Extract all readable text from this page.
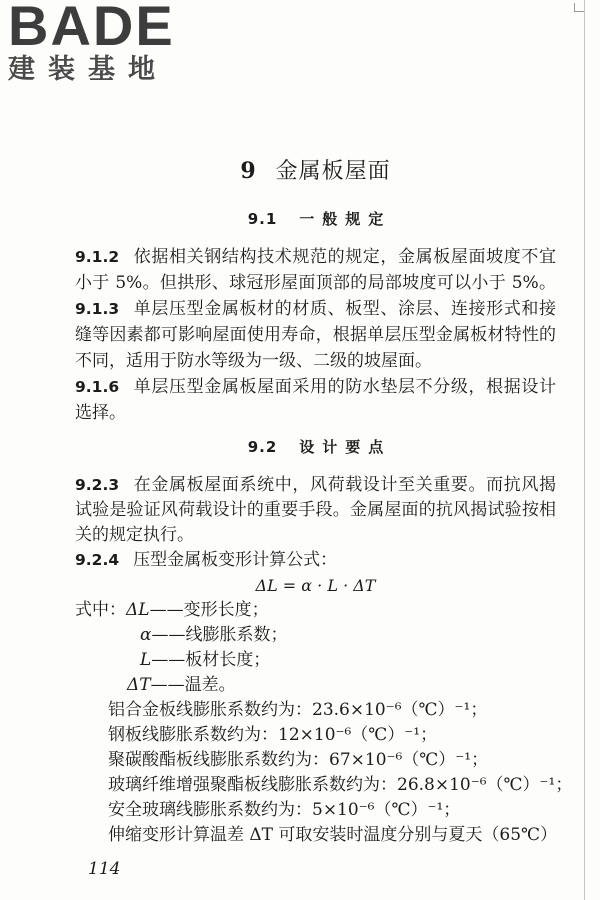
BADE
建装基地
9 金属板屋面
9.1 一般规定
9.1.2 依据相关钢结构技术规范的规定，金属板屋面坡度不宜
小于 5%。但拱形、球冠形屋面顶部的局部坡度可以小于 5%。
9.1.3 单层压型金属板材的材质、板型、涂层、连接形式和接
缝等因素都可影响屋面使用寿命，根据单层压型金属板材特性的
不同，适用于防水等级为一级、二级的坡屋面。
9.1.6 单层压型金属板屋面采用的防水垫层不分级，根据设计
选择。
9.2 设计要点
9.2.3 在金属板屋面系统中，风荷载设计至关重要。而抗风揭
试验是验证风荷载设计的重要手段。金属屋面的抗风揭试验按相
关的规定执行。
9.2.4 压型金属板变形计算公式：
ΔL = α · L · ΔT
式中：ΔL——变形长度；
α——线膨胀系数；
L——板材长度；
ΔT——温差。
铝合金板线膨胀系数约为：23.6×10⁻⁶（℃）⁻¹；
钢板线膨胀系数约为：12×10⁻⁶（℃）⁻¹；
聚碳酸酯板线膨胀系数约为：67×10⁻⁶（℃）⁻¹；
玻璃纤维增强聚酯板线膨胀系数约为：26.8×10⁻⁶（℃）⁻¹；
安全玻璃线膨胀系数约为：5×10⁻⁶（℃）⁻¹；
伸缩变形计算温差 ΔT 可取安装时温度分别与夏天（65℃）
114
